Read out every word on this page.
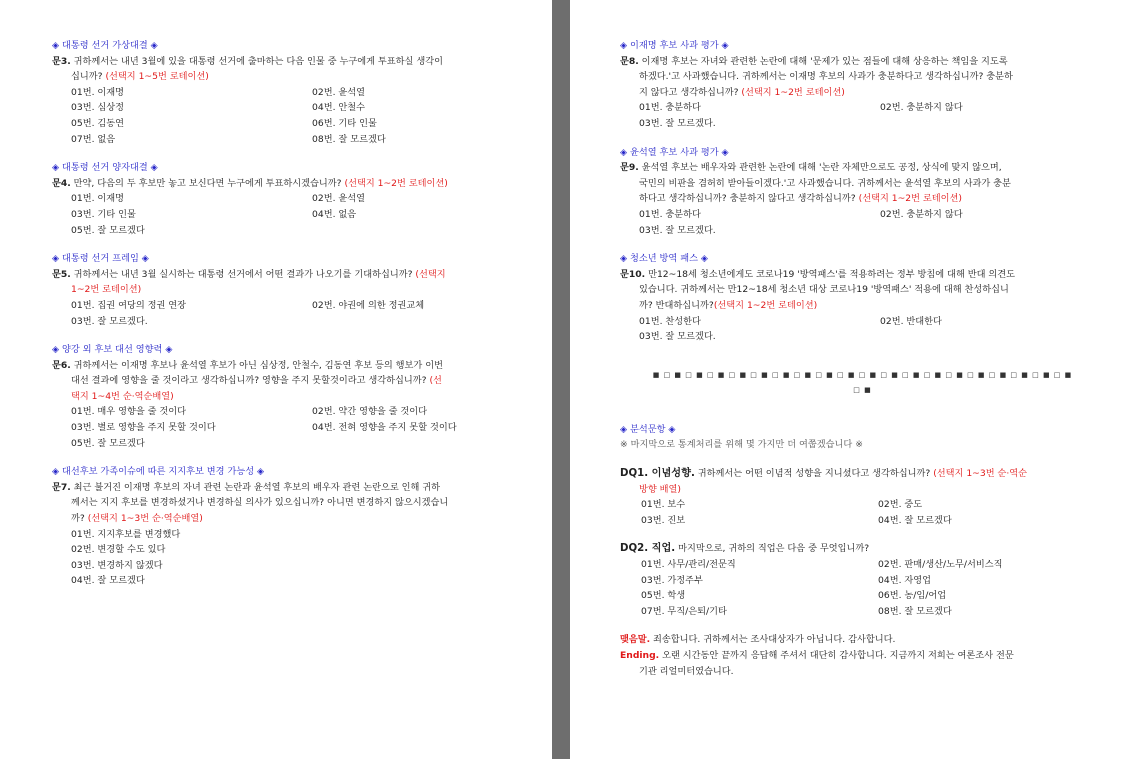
◈ 대통령 선거 가상대결 ◈

문3. 귀하께서는 내년 3월에 있을 대통령 선거에 출마하는 다음 인물 중 누구에게 투표하실 생각이

십니까? (선택지 1~5번 로테이션)

01번. 이재명	02번. 윤석열
03번. 심상정	04번. 안철수
05번. 김동연	06번. 기타 인물
07번. 없음	08번. 잘 모르겠다

◈ 대통령 선거 양자대결 ◈

문4. 만약, 다음의 두 후보만 놓고 보신다면 누구에게 투표하시겠습니까? (선택지 1~2번 로테이션)

01번. 이재명	02번. 윤석열
03번. 기타 인물	04번. 없음

05번. 잘 모르겠다

◈ 대통령 선거 프레임 ◈

문5. 귀하께서는 내년 3월 실시하는 대통령 선거에서 어떤 결과가 나오기를 기대하십니까? (선택지

1~2번 로테이션)

01번. 집권 여당의 정권 연장	02번. 야권에 의한 정권교체

03번. 잘 모르겠다.

◈ 양강 외 후보 대선 영향력 ◈

문6. 귀하께서는 이재명 후보나 윤석열 후보가 아닌 심상정, 안철수, 김동연 후보 등의 행보가 이번

대선 결과에 영향을 줄 것이라고 생각하십니까? 영향을 주지 못할것이라고 생각하십니까? (선

택지 1~4번 순·역순배열)

01번. 매우 영향을 줄 것이다	02번. 약간 영향을 줄 것이다
03번. 별로 영향을 주지 못할 것이다	04번. 전혀 영향을 주지 못할 것이다

05번. 잘 모르겠다

◈ 대선후보 가족이슈에 따른 지지후보 변경 가능성 ◈

문7. 최근 불거진 이재명 후보의 자녀 관련 논란과 윤석열 후보의 배우자 관련 논란으로 인해 귀하

께서는 지지 후보를 변경하셨거나 변경하실 의사가 있으십니까? 아니면 변경하지 않으시겠습니

까? (선택지 1~3번 순·역순배열)

01번. 지지후보를 변경했다

02번. 변경할 수도 있다

03번. 변경하지 않겠다

04번. 잘 모르겠다

◈ 이재명 후보 사과 평가 ◈

문8. 이재명 후보는 자녀와 관련한 논란에 대해 '문제가 있는 점들에 대해 상응하는 책임을 지도록

하겠다.'고 사과했습니다. 귀하께서는 이재명 후보의 사과가 충분하다고 생각하십니까? 충분하

지 않다고 생각하십니까? (선택지 1~2번 로테이션)

01번. 충분하다	02번. 충분하지 않다

03번. 잘 모르겠다.

◈ 윤석열 후보 사과 평가 ◈

문9. 윤석열 후보는 배우자와 관련한 논란에 대해 '논란 자체만으로도 공정, 상식에 맞지 않으며,

국민의 비판을 겸허히 받아들이겠다.'고 사과했습니다. 귀하께서는 윤석열 후보의 사과가 충분

하다고 생각하십니까? 충분하지 않다고 생각하십니까? (선택지 1~2번 로테이션)

01번. 충분하다	02번. 충분하지 않다

03번. 잘 모르겠다.

◈ 청소년 방역 패스 ◈

문10. 만12~18세 청소년에게도 코로나19 '방역패스'를 적용하려는 정부 방침에 대해 반대 의견도

있습니다. 귀하께서는 만12~18세 청소년 대상 코로나19 '방역패스' 적용에 대해 찬성하십니

까? 반대하십니까?(선택지 1~2번 로테이션)

01번. 찬성한다	02번. 반대한다

03번. 잘 모르겠다.

■ □ ■ □ ■ □ ■ □ ■ □ ■ □ ■ □ ■ □ ■ □ ■ □ ■ □ ■ □ ■ □ ■ □ ■ □ ■ □ ■ □ ■ □ ■ □ ■ □ ■

◈ 분석문항 ◈

※ 마지막으로 통계처리를 위해 몇 가지만 더 여쭙겠습니다 ※

DQ1. 이념성향. 귀하께서는 어떤 이념적 성향을 지니셨다고 생각하십니까? (선택지 1~3번 순·역순

방향 배열)

01번. 보수	02번. 중도
03번. 진보	04번. 잘 모르겠다

DQ2. 직업. 마지막으로, 귀하의 직업은 다음 중 무엇입니까?

01번. 사무/관리/전문직	02번. 판매/생산/노무/서비스직
03번. 가정주부	04번. 자영업
05번. 학생	06번. 농/임/어업
07번. 무직/은퇴/기타	08번. 잘 모르겠다

맺음말. 죄송합니다. 귀하께서는 조사대상자가 아닙니다. 감사합니다.

Ending. 오랜 시간동안 끝까지 응답해 주셔서 대단히 감사합니다. 지금까지 저희는 여론조사 전문

기관 리얼미터였습니다.
